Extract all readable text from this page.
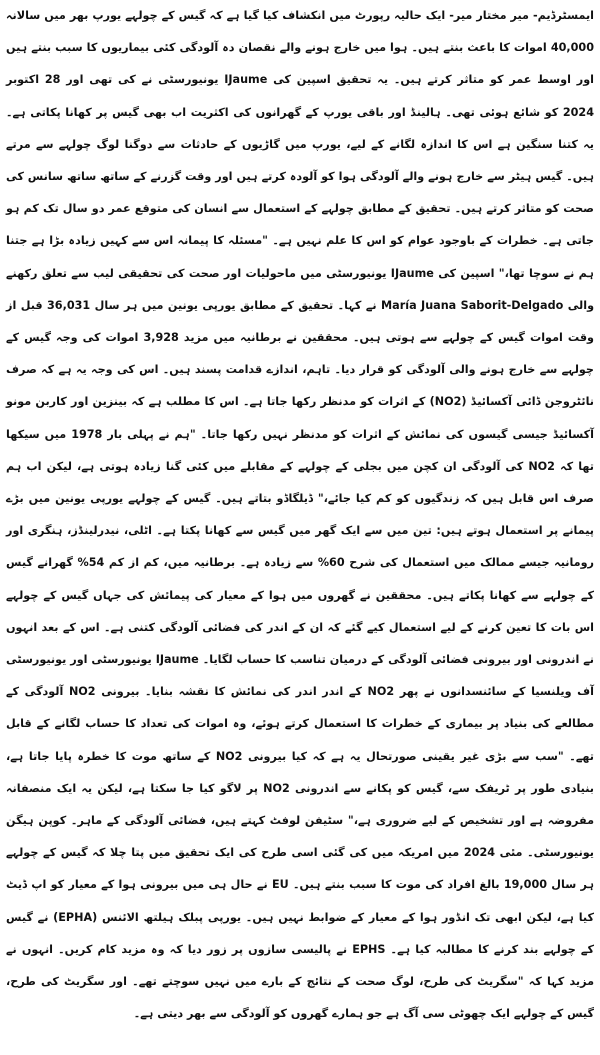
ایمسٹرڈیم- میر مختار میر- ایک حالیہ رپورٹ میں انکشاف کیا گیا ہے کہ گیس کے چولہے یورپ بھر میں سالانہ 40,000 اموات کا باعث بنتے ہیں۔ ہوا میں خارج ہونے والے نقصان دہ آلودگی کئی بیماریوں کا سبب بنتے ہیں اور اوسط عمر کو متاثر کرتے ہیں۔ یہ تحقیق اسپین کی IJaume یونیورسٹی نے کی تھی اور 28 اکتوبر 2024 کو شائع ہوئی تھی۔ ہالینڈ اور باقی یورپ کے گھرانوں کی اکثریت اب بھی گیس پر کھانا پکاتی ہے۔ یہ کتنا سنگین ہے اس کا اندازہ لگانے کے لیے، یورپ میں گاڑیوں کے حادثات سے دوگنا لوگ چولہے سے مرتے ہیں۔ گیس ہیٹر سے خارج ہونے والے آلودگی ہوا کو آلودہ کرتے ہیں اور وقت گزرنے کے ساتھ ساتھ سانس کی صحت کو متاثر کرتے ہیں۔ تحقیق کے مطابق چولہے کے استعمال سے انسان کی متوقع عمر دو سال تک کم ہو جاتی ہے۔ خطرات کے باوجود عوام کو اس کا علم نہیں ہے۔ "مسئلہ کا پیمانہ اس سے کہیں زیادہ بڑا ہے جتنا ہم نے سوچا تھا،" اسپین کی IJaume یونیورسٹی میں ماحولیات اور صحت کی تحقیقی لیب سے تعلق رکھنے والی María Juana Saborit-Delgado نے کہا۔ تحقیق کے مطابق یورپی یونین میں ہر سال 36,031 قبل از وقت اموات گیس کے چولہے سے ہوتی ہیں۔ محققین نے برطانیہ میں مزید 3,928 اموات کی وجہ گیس کے چولہے سے خارج ہونے والی آلودگی کو قرار دیا۔ تاہم، اندازے قدامت پسند ہیں۔ اس کی وجہ یہ ہے کہ صرف نائٹروجن ڈائی آکسائیڈ (NO2) کے اثرات کو مدنظر رکھا جاتا ہے۔ اس کا مطلب ہے کہ بینزین اور کاربن مونو آکسائیڈ جیسی گیسوں کی نمائش کے اثرات کو مدنظر نہیں رکھا جاتا۔ "ہم نے پہلی بار 1978 میں سیکھا تھا کہ NO2 کی آلودگی ان کچن میں بجلی کے چولہے کے مقابلے میں کئی گنا زیادہ ہوتی ہے، لیکن اب ہم صرف اس قابل ہیں کہ زندگیوں کو کم کیا جائے،" ڈیلگاڈو بتاتے ہیں۔ گیس کے چولہے یورپی یونین میں بڑے پیمانے پر استعمال ہوتے ہیں: تین میں سے ایک گھر میں گیس سے کھانا پکتا ہے۔ اٹلی، نیدرلینڈز، ہنگری اور رومانیہ جیسے ممالک میں استعمال کی شرح 60% سے زیادہ ہے۔ برطانیہ میں، کم از کم 54% گھرانے گیس کے چولہے سے کھانا پکاتے ہیں۔ محققین نے گھروں میں ہوا کے معیار کی پیمائش کی جہاں گیس کے چولہے اس بات کا تعین کرنے کے لیے استعمال کیے گئے کہ ان کے اندر کی فضائی آلودگی کتنی ہے۔ اس کے بعد انہوں نے اندرونی اور بیرونی فضائی آلودگی کے درمیان تناسب کا حساب لگایا۔ IJaume یونیورسٹی اور یونیورسٹی آف ویلنسیا کے سائنسدانوں نے پھر NO2 کے اندر اندر کی نمائش کا نقشہ بنایا۔ بیرونی NO2 آلودگی کے مطالعے کی بنیاد پر بیماری کے خطرات کا استعمال کرتے ہوئے، وہ اموات کی تعداد کا حساب لگانے کے قابل تھے۔ "سب سے بڑی غیر یقینی صورتحال یہ ہے کہ کیا بیرونی NO2 کے ساتھ موت کا خطرہ پایا جاتا ہے، بنیادی طور پر ٹریفک سے، گیس کو پکانے سے اندرونی NO2 پر لاگو کیا جا سکتا ہے، لیکن یہ ایک منصفانہ مفروضہ ہے اور تشخیص کے لیے ضروری ہے،" سٹیفن لوفٹ کہتے ہیں، فضائی آلودگی کے ماہر۔ کوپن ہیگن یونیورسٹی۔ مئی 2024 میں امریکہ میں کی گئی اسی طرح کی ایک تحقیق میں پتا چلا کہ گیس کے چولہے ہر سال 19,000 بالغ افراد کی موت کا سبب بنتے ہیں۔ EU نے حال ہی میں بیرونی ہوا کے معیار کو اپ ڈیٹ کیا ہے، لیکن ابھی تک انڈور ہوا کے معیار کے ضوابط نہیں ہیں۔ یورپی پبلک ہیلتھ الائنس (EPHA) نے گیس کے چولہے بند کرنے کا مطالبہ کیا ہے۔ EPHS نے پالیسی سازوں پر زور دیا کہ وہ مزید کام کریں۔ انہوں نے مزید کہا کہ "سگریٹ کی طرح، لوگ صحت کے نتائج کے بارے میں نہیں سوچتے تھے۔ اور سگریٹ کی طرح، گیس کے چولہے ایک چھوٹی سی آگ ہے جو ہمارے گھروں کو آلودگی سے بھر دیتی ہے۔
